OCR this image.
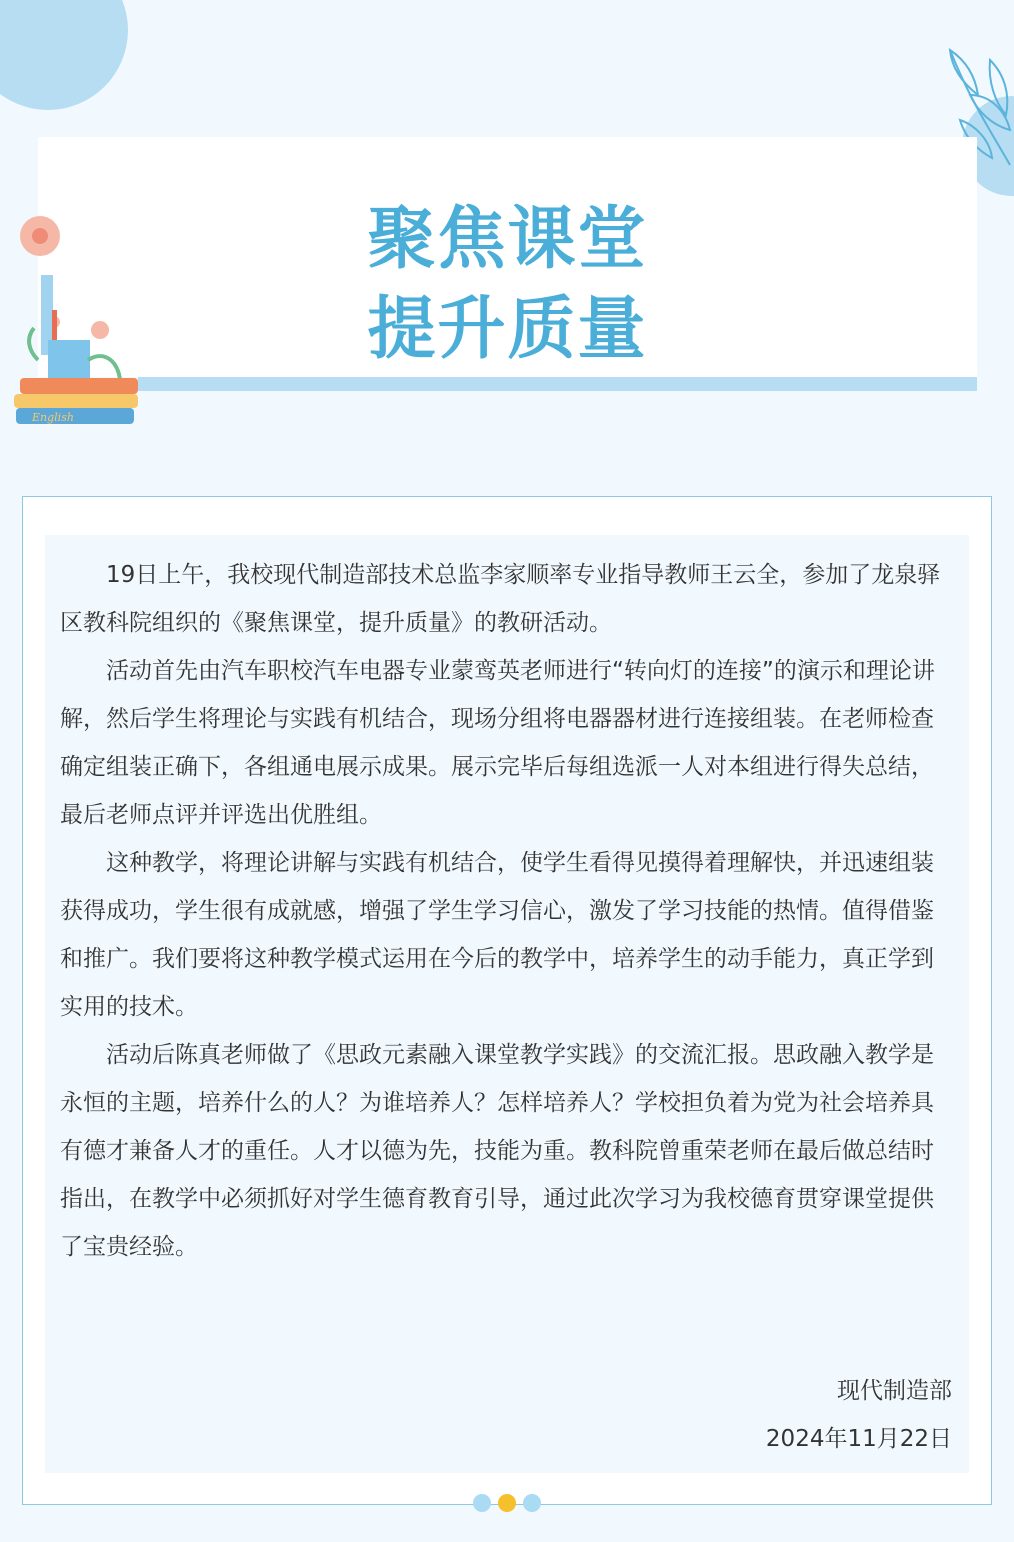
聚焦课堂
提升质量
English

19日上午，我校现代制造部技术总监李家顺率专业指导教师王云全，参加了龙泉驿区教科院组织的《聚焦课堂，提升质量》的教研活动。

活动首先由汽车职校汽车电器专业蒙鸾英老师进行“转向灯的连接”的演示和理论讲解，然后学生将理论与实践有机结合，现场分组将电器器材进行连接组装。在老师检查确定组装正确下，各组通电展示成果。展示完毕后每组选派一人对本组进行得失总结，最后老师点评并评选出优胜组。

这种教学，将理论讲解与实践有机结合，使学生看得见摸得着理解快，并迅速组装获得成功，学生很有成就感，增强了学生学习信心，激发了学习技能的热情。值得借鉴和推广。我们要将这种教学模式运用在今后的教学中，培养学生的动手能力，真正学到实用的技术。

活动后陈真老师做了《思政元素融入课堂教学实践》的交流汇报。思政融入教学是永恒的主题，培养什么的人？为谁培养人？怎样培养人？学校担负着为党为社会培养具有德才兼备人才的重任。人才以德为先，技能为重。教科院曾重荣老师在最后做总结时指出，在教学中必须抓好对学生德育教育引导，通过此次学习为我校德育贯穿课堂提供了宝贵经验。

现代制造部
2024年11月22日
